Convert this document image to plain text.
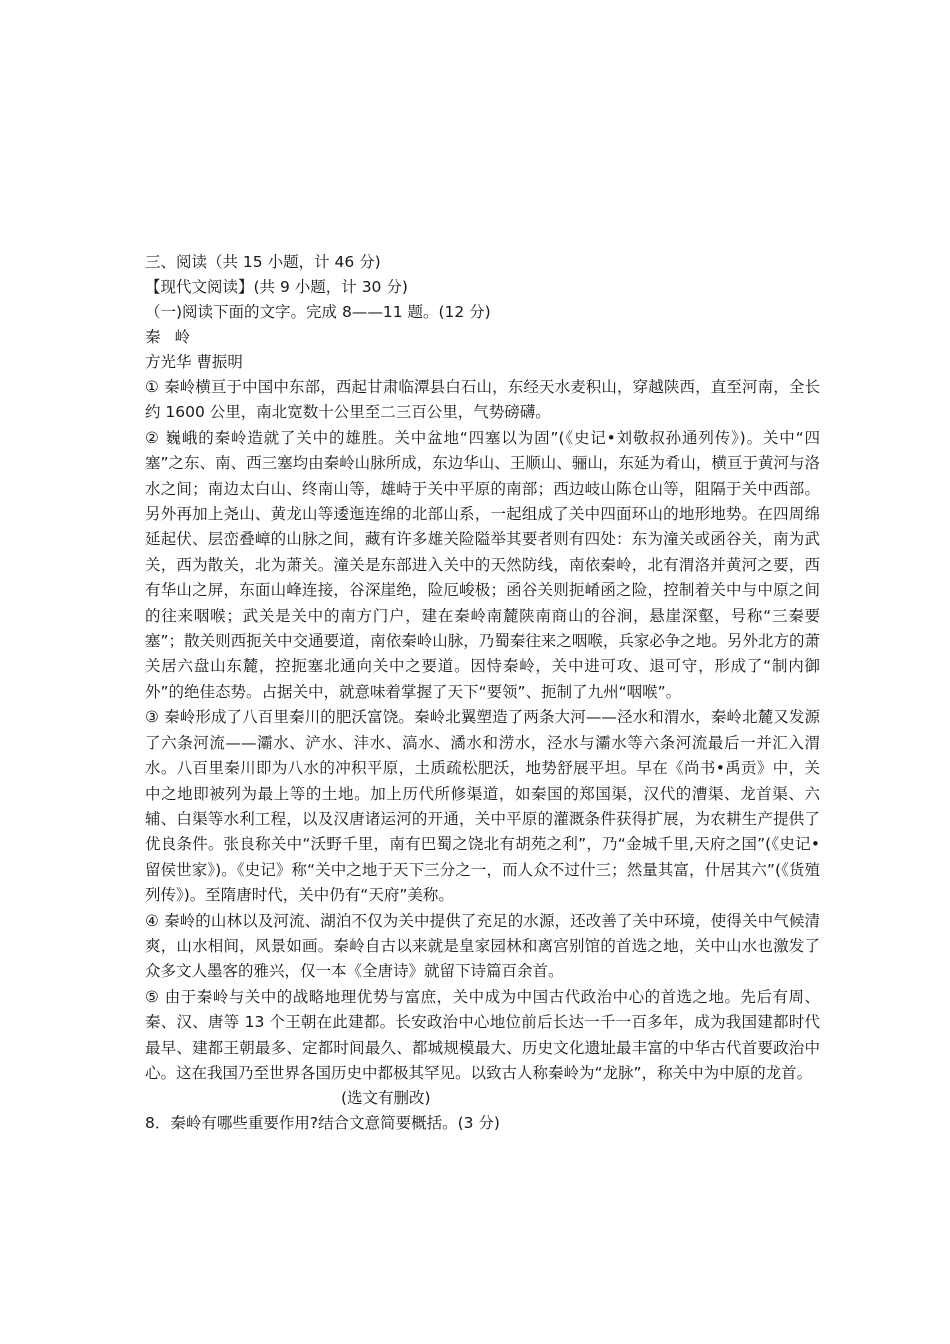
三、阅读（共 15 小题，计 46 分)
【现代文阅读】(共 9 小题，计 30 分)
（一)阅读下面的文字。完成 8——11 题。(12 分)
秦岭
方光华 曹振明
① 秦岭横亘于中国中东部，西起甘肃临潭县白石山，东经天水麦积山，穿越陕西，直至河南，全长约 1600 公里，南北宽数十公里至二三百公里，气势磅礴。
② 巍峨的秦岭造就了关中的雄胜。关中盆地“四塞以为固”(《史记•刘敬叔孙通列传》)。关中“四塞”之东、南、西三塞均由秦岭山脉所成，东边华山、王顺山、骊山，东延为肴山，横亘于黄河与洛水之间；南边太白山、终南山等，雄峙于关中平原的南部；西边岐山陈仓山等，阻隔于关中西部。另外再加上尧山、黄龙山等逶迤连绵的北部山系，一起组成了关中四面环山的地形地势。在四周绵延起伏、层峦叠嶂的山脉之间，藏有许多雄关险隘举其要者则有四处：东为潼关或函谷关，南为武关，西为散关，北为萧关。潼关是东部进入关中的天然防线，南依秦岭，北有渭洛并黄河之要，西有华山之屏，东面山峰连接，谷深崖绝，险厄峻极；函谷关则扼崤函之险，控制着关中与中原之间的往来咽喉；武关是关中的南方门户，建在秦岭南麓陕南商山的谷涧，悬崖深壑，号称“三秦要塞”；散关则西扼关中交通要道，南依秦岭山脉，乃蜀秦往来之咽喉，兵家必争之地。另外北方的萧关居六盘山东麓，控扼塞北通向关中之要道。因恃秦岭，关中进可攻、退可守，形成了“制内御外”的绝佳态势。占据关中，就意味着掌握了天下“要领”、扼制了九州“咽喉”。
③ 秦岭形成了八百里秦川的肥沃富饶。秦岭北翼塑造了两条大河——泾水和渭水，秦岭北麓又发源了六条河流——灞水、浐水、沣水、滈水、潏水和涝水，泾水与灞水等六条河流最后一并汇入渭水。八百里秦川即为八水的冲积平原，土质疏松肥沃，地势舒展平坦。早在《尚书•禹贡》中，关中之地即被列为最上等的土地。加上历代所修渠道，如秦国的郑国渠，汉代的漕渠、龙首渠、六辅、白渠等水利工程，以及汉唐诸运河的开通，关中平原的灌溉条件获得扩展，为农耕生产提供了优良条件。张良称关中“沃野千里，南有巴蜀之饶北有胡苑之利”，乃“金城千里,天府之国”(《史记•留侯世家》)。《史记》称“关中之地于天下三分之一，而人众不过什三；然量其富，什居其六”(《货殖列传》)。至隋唐时代，关中仍有“天府”美称。
④ 秦岭的山林以及河流、湖泊不仅为关中提供了充足的水源，还改善了关中环境，使得关中气候清爽，山水相间，风景如画。秦岭自古以来就是皇家园林和离宫别馆的首选之地，关中山水也激发了众多文人墨客的雅兴，仅一本《全唐诗》就留下诗篇百余首。
⑤ 由于秦岭与关中的战略地理优势与富庶，关中成为中国古代政治中心的首选之地。先后有周、秦、汉、唐等 13 个王朝在此建都。长安政治中心地位前后长达一千一百多年，成为我国建都时代最早、建都王朝最多、定都时间最久、都城规模最大、历史文化遗址最丰富的中华古代首要政治中心。这在我国乃至世界各国历史中都极其罕见。以致古人称秦岭为“龙脉”，称关中为中原的龙首。
(选文有删改)
8．秦岭有哪些重要作用?结合文意简要概括。(3 分)
